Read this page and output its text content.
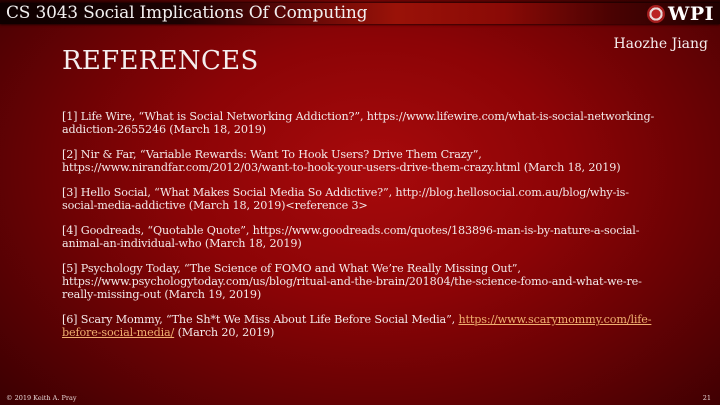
CS 3043 Social Implications Of Computing	WPI
Haozhe Jiang
REFERENCES

[1] Life Wire, “What is Social Networking Addiction?”, https://www.lifewire.com/what-is-social-networking-addiction-2655246 (March 18, 2019)

[2] Nir & Far, “Variable Rewards: Want To Hook Users? Drive Them Crazy”, https://www.nirandfar.com/2012/03/want-to-hook-your-users-drive-them-crazy.html (March 18, 2019)

[3] Hello Social, “What Makes Social Media So Addictive?”, http://blog.hellosocial.com.au/blog/why-is-social-media-addictive (March 18, 2019)<reference 3>

[4] Goodreads, “Quotable Quote”, https://www.goodreads.com/quotes/183896-man-is-by-nature-a-social-animal-an-individual-who (March 18, 2019)

[5] Psychology Today, “The Science of FOMO and What We’re Really Missing Out”, https://www.psychologytoday.com/us/blog/ritual-and-the-brain/201804/the-science-fomo-and-what-we-re-really-missing-out (March 19, 2019)

[6] Scary Mommy, “The Sh*t We Miss About Life Before Social Media”, https://www.scarymommy.com/life-before-social-media/ (March 20, 2019)

© 2019 Keith A. Pray	21
